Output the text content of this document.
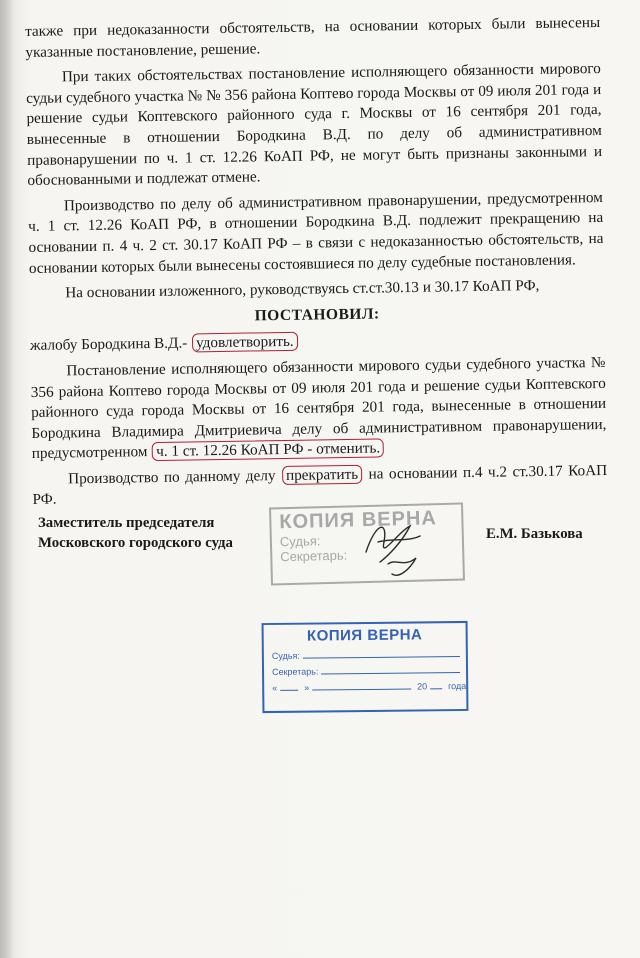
также при недоказанности обстоятельств, на основании которых были вынесены указанные постановление, решение.

При таких обстоятельствах постановление исполняющего обязанности мирового судьи судебного участка № № 356 района Коптево города Москвы от 09 июля 201 года и решение судьи Коптевского районного суда г. Москвы от 16 сентября 201 года, вынесенные в отношении Бородкина В.Д. по делу об административном правонарушении по ч. 1 ст. 12.26 КоАП РФ, не могут быть признаны законными и обоснованными и подлежат отмене.

Производство по делу об административном правонарушении, предусмотренном ч. 1 ст. 12.26 КоАП РФ, в отношении Бородкина В.Д. подлежит прекращению на основании п. 4 ч. 2 ст. 30.17 КоАП РФ – в связи с недоказанностью обстоятельств, на основании которых были вынесены состоявшиеся по делу судебные постановления.

На основании изложенного, руководствуясь ст.ст.30.13 и 30.17 КоАП РФ,

ПОСТАНОВИЛ:

жалобу Бородкина В.Д.- удовлетворить.

Постановление исполняющего обязанности мирового судьи судебного участка № 356 района Коптево города Москвы от 09 июля 201 года и решение судьи Коптевского районного суда города Москвы от 16 сентября 201 года, вынесенные в отношении Бородкина Владимира Дмитриевича делу об административном правонарушении, предусмотренном ч. 1 ст. 12.26 КоАП РФ - отменить.

Производство по данному делу прекратить на основании п.4 ч.2 ст.30.17 КоАП РФ.

Заместитель председателя
Московского городского суда
Е.М. Базькова
КОПИЯ ВЕРНА
Судья:
Секретарь:
КОПИЯ ВЕРНА
Судья:
Секретарь:
«	»	20 года
